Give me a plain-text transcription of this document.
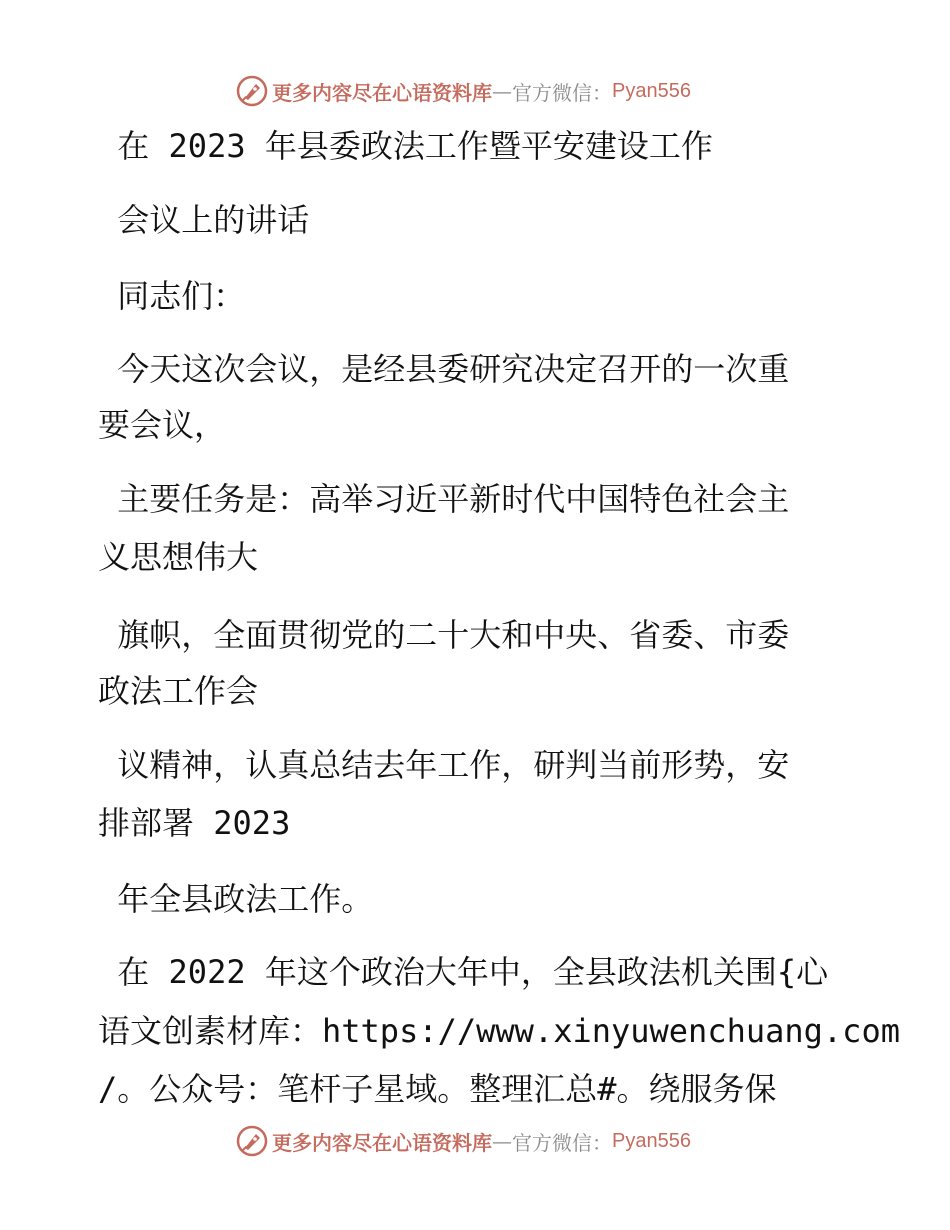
更多内容尽在心语资料库 — 官方微信： Pyan556
在 2023 年县委政法工作暨平安建设工作
会议上的讲话
同志们：
今天这次会议，是经县委研究决定召开的一次重
要会议，
主要任务是：高举习近平新时代中国特色社会主
义思想伟大
旗帜，全面贯彻党的二十大和中央、省委、市委
政法工作会
议精神，认真总结去年工作，研判当前形势，安
排部署 2023
年全县政法工作。
在 2022 年这个政治大年中，全县政法机关围{心
语文创素材库：https://www.xinyuwenchuang.com
/。公众号：笔杆子星域。整理汇总#。绕服务保
更多内容尽在心语资料库 — 官方微信： Pyan556
